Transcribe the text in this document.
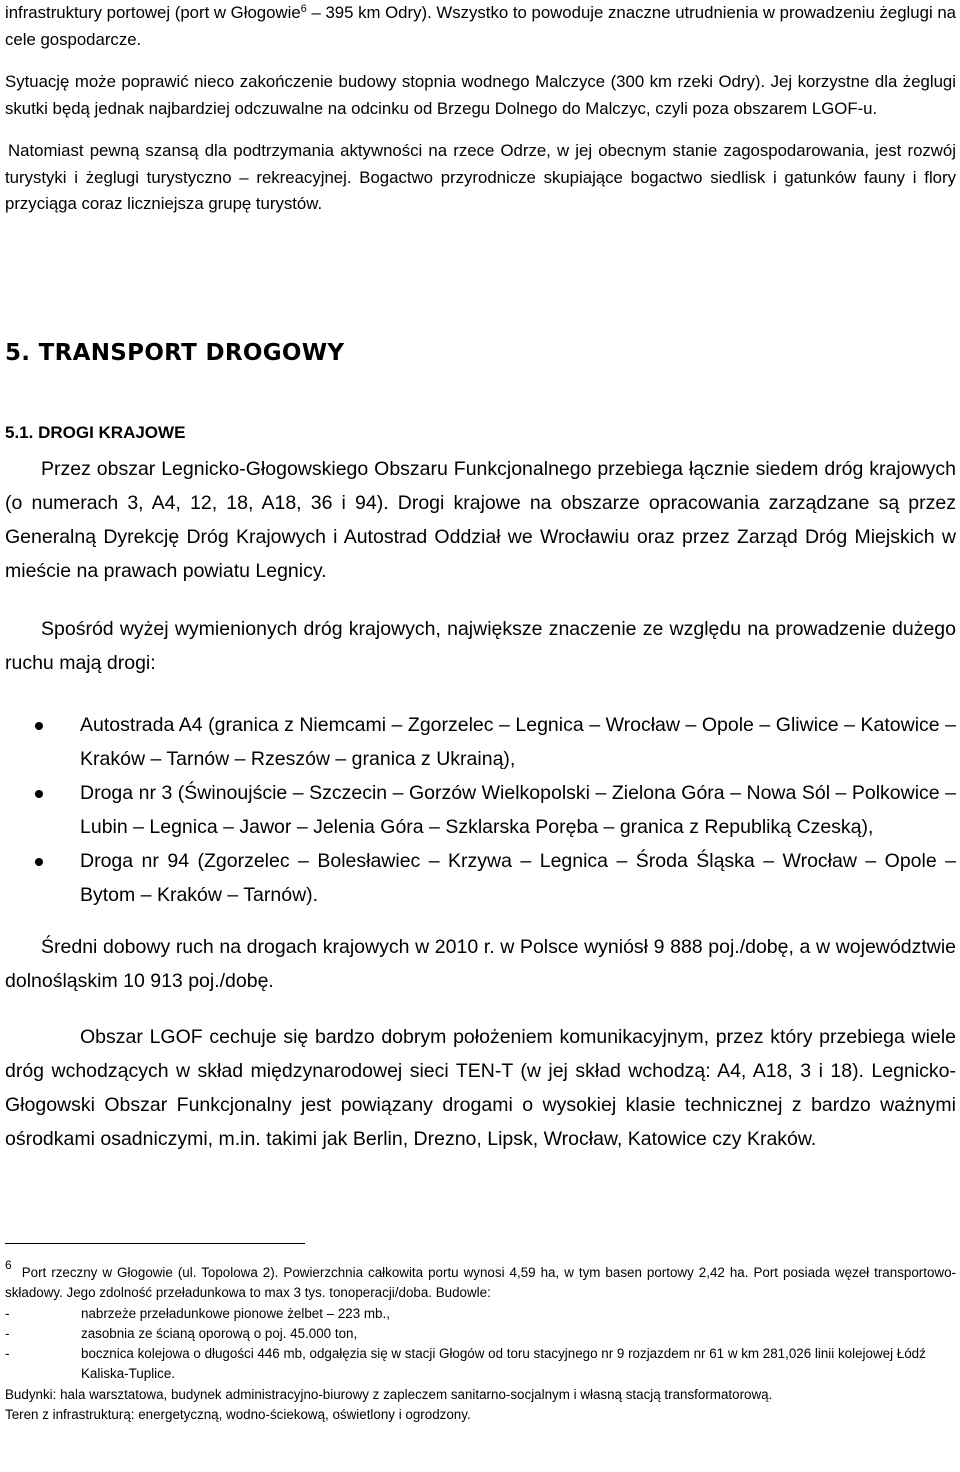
infrastruktury portowej (port w Głogowie$^6$ – 395 km Odry). Wszystko to powoduje znaczne utrudnienia w prowadzeniu żeglugi na cele gospodarcze.

Sytuację może poprawić nieco zakończenie budowy stopnia wodnego Malczyce (300 km rzeki Odry). Jej korzystne dla żeglugi skutki będą jednak najbardziej odczuwalne na odcinku od Brzegu Dolnego do Malczyc, czyli poza obszarem LGOF-u.

Natomiast pewną szansą dla podtrzymania aktywności na rzece Odrze, w jej obecnym stanie zagospodarowania, jest rozwój turystyki i żeglugi turystyczno – rekreacyjnej. Bogactwo przyrodnicze skupiające bogactwo siedlisk i gatunków fauny i flory przyciąga coraz liczniejsza grupę turystów.

5. TRANSPORT DROGOWY
5.1. DROGI KRAJOWE

Przez obszar Legnicko-Głogowskiego Obszaru Funkcjonalnego przebiega łącznie siedem dróg krajowych (o numerach 3, A4, 12, 18, A18, 36 i 94). Drogi krajowe na obszarze opracowania zarządzane są przez Generalną Dyrekcję Dróg Krajowych i Autostrad Oddział we Wrocławiu oraz przez Zarząd Dróg Miejskich w mieście na prawach powiatu Legnicy.

Spośród wyżej wymienionych dróg krajowych, największe znaczenie ze względu na prowadzenie dużego ruchu mają drogi:

Autostrada A4 (granica z Niemcami – Zgorzelec – Legnica – Wrocław – Opole – Gliwice – Katowice –Kraków – Tarnów – Rzeszów – granica z Ukrainą),
Droga nr 3 (Świnoujście – Szczecin – Gorzów Wielkopolski – Zielona Góra – Nowa Sól – Polkowice – Lubin – Legnica – Jawor – Jelenia Góra – Szklarska Poręba – granica z Republiką Czeską),
Droga nr 94 (Zgorzelec – Bolesławiec – Krzywa – Legnica – Środa Śląska – Wrocław – Opole – Bytom – Kraków – Tarnów).

Średni dobowy ruch na drogach krajowych w 2010 r. w Polsce wyniósł 9 888 poj./dobę, a w województwie dolnośląskim 10 913 poj./dobę.

Obszar LGOF cechuje się bardzo dobrym położeniem komunikacyjnym, przez który przebiega wiele dróg wchodzących w skład międzynarodowej sieci TEN-T (w jej skład wchodzą: A4, A18, 3 i 18). Legnicko-Głogowski Obszar Funkcjonalny jest powiązany drogami o wysokiej klasie technicznej z bardzo ważnymi ośrodkami osadniczymi, m.in. takimi jak Berlin, Drezno, Lipsk, Wrocław, Katowice czy Kraków.

6 Port rzeczny w Głogowie (ul. Topolowa 2). Powierzchnia całkowita portu wynosi 4,59 ha, w tym basen portowy 2,42 ha. Port posiada węzeł transportowo-składowy. Jego zdolność przeładunkowa to max 3 tys. tonoperacji/doba. Budowle:

-	nabrzeże przeładunkowe pionowe żelbet – 223 mb.,
-	zasobnia ze ścianą oporową o poj. 45.000 ton,
-	bocznica kolejowa o długości 446 mb, odgałęzia się w stacji Głogów od toru stacyjnego nr 9 rozjazdem nr 61 w km 281,026 linii kolejowej Łódź Kaliska-Tuplice.

Budynki: hala warsztatowa, budynek administracyjno-biurowy z zapleczem sanitarno-socjalnym i własną stacją transformatorową.

Teren z infrastrukturą: energetyczną, wodno-ściekową, oświetlony i ogrodzony.
